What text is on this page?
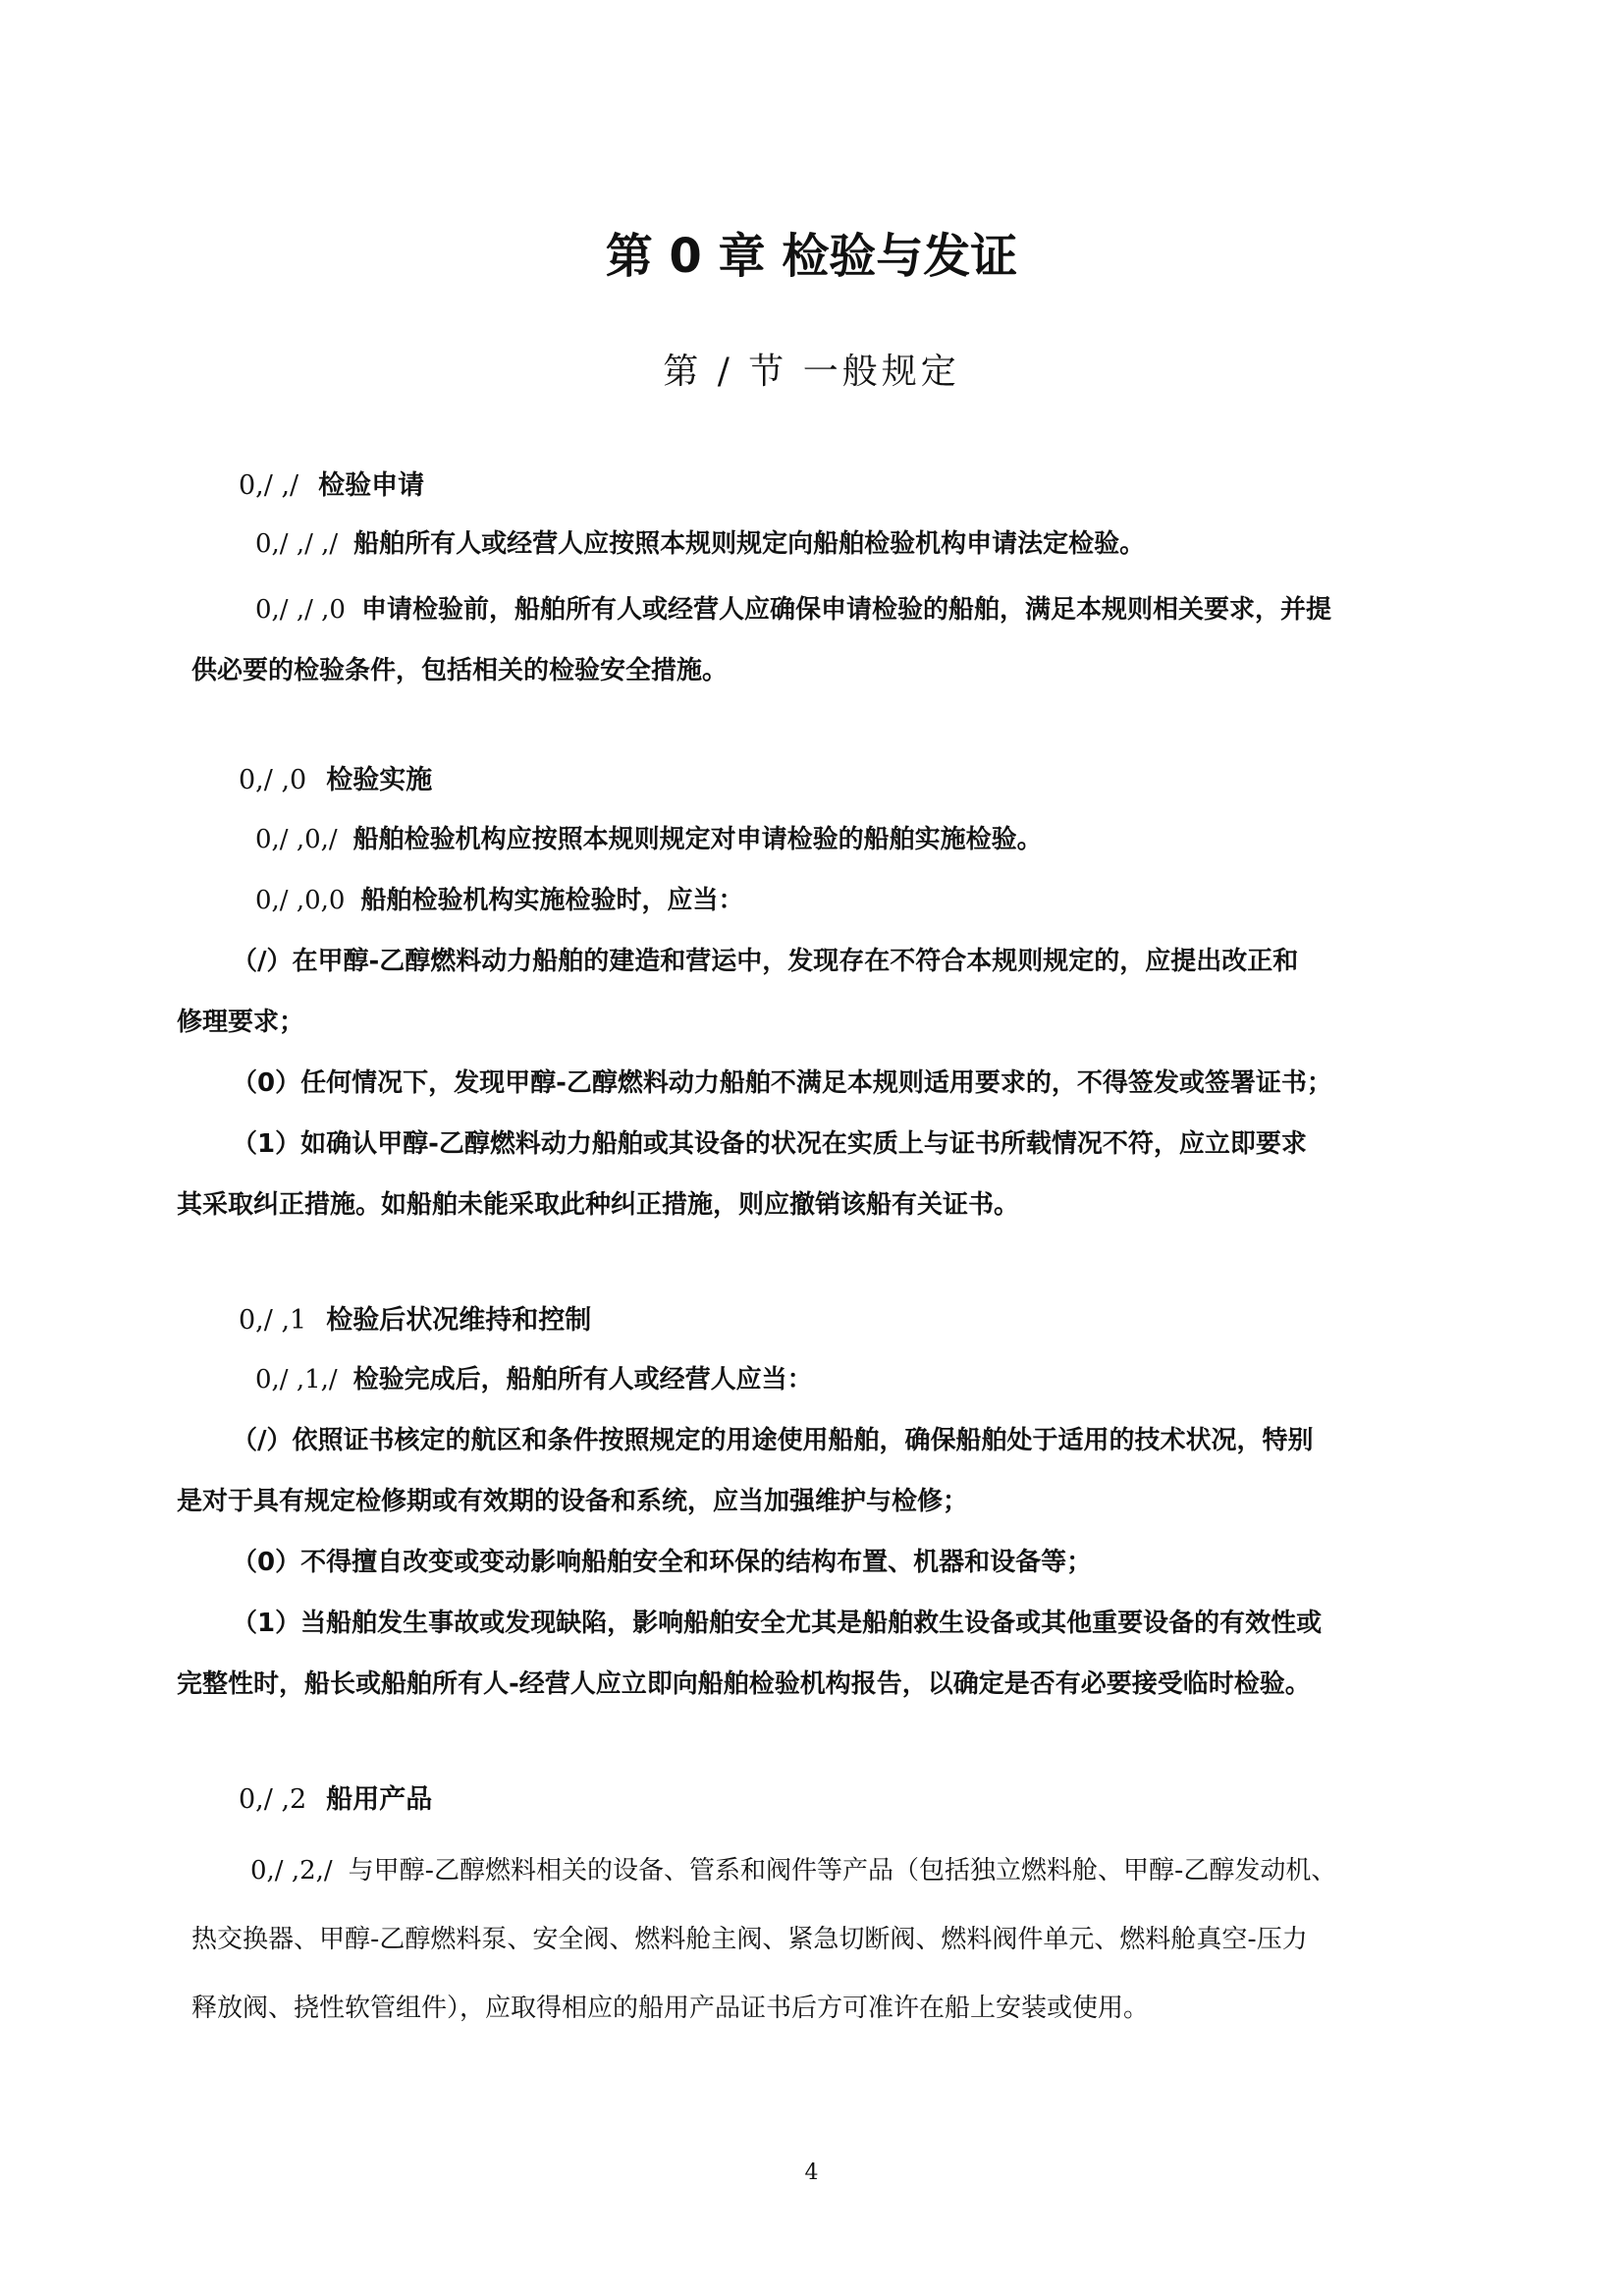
第 0 章 检验与发证
第 / 节 一般规定
0,/ ,/ 检验申请
0,/ ,/ ,/ 船舶所有人或经营人应按照本规则规定向船舶检验机构申请法定检验。
0,/ ,/ ,0 申请检验前，船舶所有人或经营人应确保申请检验的船舶，满足本规则相关要求，并提
供必要的检验条件，包括相关的检验安全措施。
0,/ ,0 检验实施
0,/ ,0,/ 船舶检验机构应按照本规则规定对申请检验的船舶实施检验。
0,/ ,0,0 船舶检验机构实施检验时，应当：
（/）在甲醇-乙醇燃料动力船舶的建造和营运中，发现存在不符合本规则规定的，应提出改正和
修理要求；
（0）任何情况下，发现甲醇-乙醇燃料动力船舶不满足本规则适用要求的，不得签发或签署证书；
（1）如确认甲醇-乙醇燃料动力船舶或其设备的状况在实质上与证书所载情况不符，应立即要求
其采取纠正措施。如船舶未能采取此种纠正措施，则应撤销该船有关证书。
0,/ ,1 检验后状况维持和控制
0,/ ,1,/ 检验完成后，船舶所有人或经营人应当：
（/）依照证书核定的航区和条件按照规定的用途使用船舶，确保船舶处于适用的技术状况，特别
是对于具有规定检修期或有效期的设备和系统，应当加强维护与检修；
（0）不得擅自改变或变动影响船舶安全和环保的结构布置、机器和设备等；
（1）当船舶发生事故或发现缺陷，影响船舶安全尤其是船舶救生设备或其他重要设备的有效性或
完整性时，船长或船舶所有人-经营人应立即向船舶检验机构报告，以确定是否有必要接受临时检验。
0,/ ,2 船用产品
0,/ ,2,/ 与甲醇-乙醇燃料相关的设备、管系和阀件等产品（包括独立燃料舱、甲醇-乙醇发动机、
热交换器、甲醇-乙醇燃料泵、安全阀、燃料舱主阀、紧急切断阀、燃料阀件单元、燃料舱真空-压力
释放阀、挠性软管组件），应取得相应的船用产品证书后方可准许在船上安装或使用。
4
